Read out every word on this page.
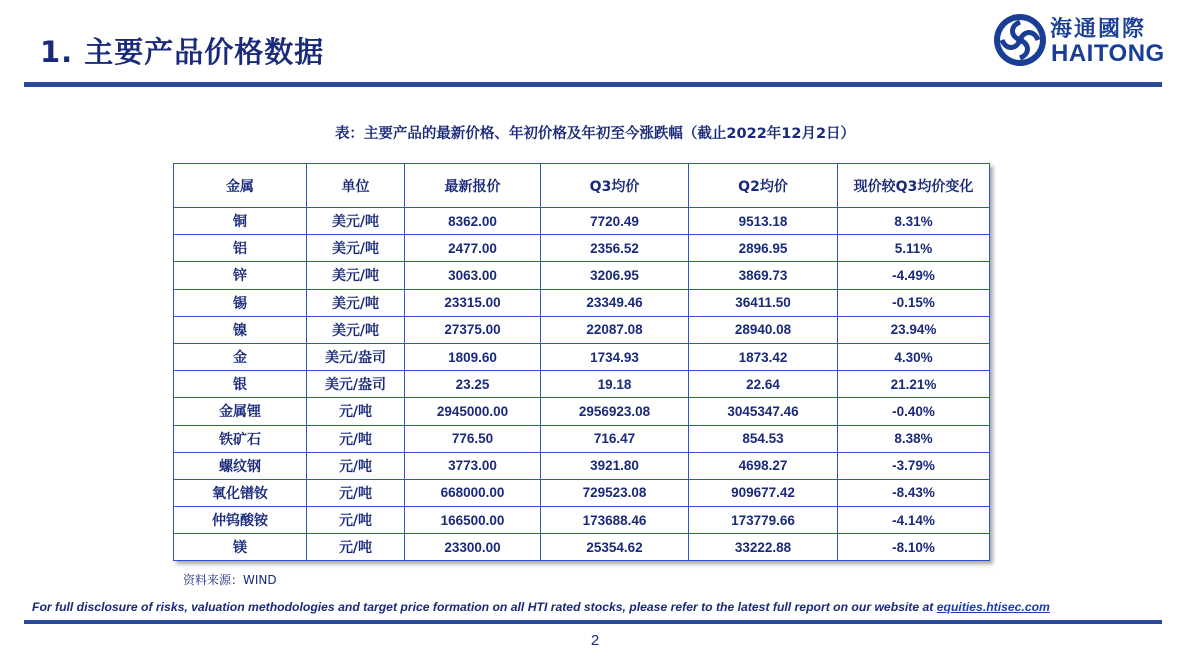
1. 主要产品价格数据
海通國際
HAITONG
表：主要产品的最新价格、年初价格及年初至今涨跌幅（截止2022年12月2日）
金属	单位	最新报价	Q3均价	Q2均价	现价较Q3均价变化
铜	美元/吨	8362.00	7720.49	9513.18	8.31%
铝	美元/吨	2477.00	2356.52	2896.95	5.11%
锌	美元/吨	3063.00	3206.95	3869.73	-4.49%
锡	美元/吨	23315.00	23349.46	36411.50	-0.15%
镍	美元/吨	27375.00	22087.08	28940.08	23.94%
金	美元/盎司	1809.60	1734.93	1873.42	4.30%
银	美元/盎司	23.25	19.18	22.64	21.21%
金属锂	元/吨	2945000.00	2956923.08	3045347.46	-0.40%
铁矿石	元/吨	776.50	716.47	854.53	8.38%
螺纹钢	元/吨	3773.00	3921.80	4698.27	-3.79%
氧化镨钕	元/吨	668000.00	729523.08	909677.42	-8.43%
仲钨酸铵	元/吨	166500.00	173688.46	173779.66	-4.14%
镁	元/吨	23300.00	25354.62	33222.88	-8.10%
资料来源：WIND
For full disclosure of risks, valuation methodologies and target price formation on all HTI rated stocks, please refer to the latest full report on our website at equities.htisec.com
2
